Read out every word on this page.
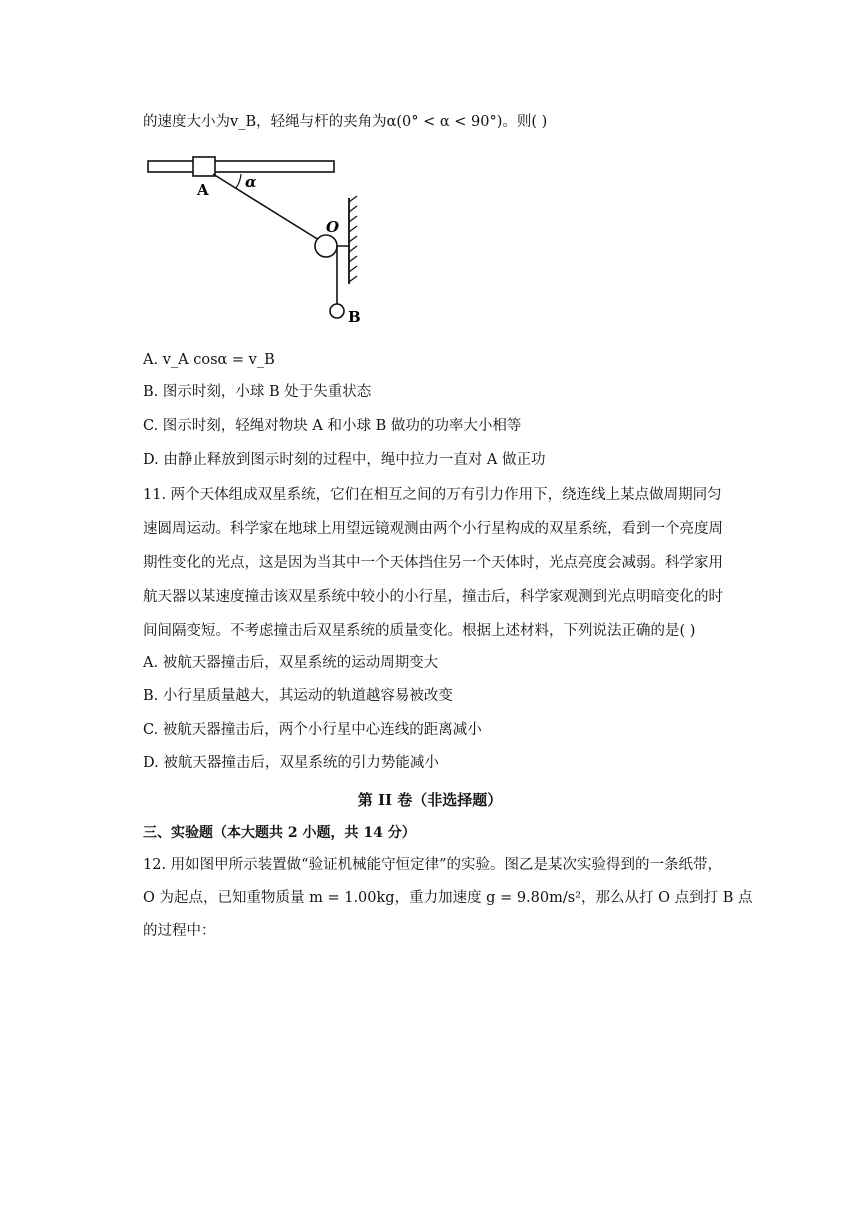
的速度大小为v_B，轻绳与杆的夹角为α(0° < α < 90°)。则( )
A α
O
B
A. v_A cosα = v_B
B. 图示时刻，小球 B 处于失重状态
C. 图示时刻，轻绳对物块 A 和小球 B 做功的功率大小相等
D. 由静止释放到图示时刻的过程中，绳中拉力一直对 A 做正功
11. 两个天体组成双星系统，它们在相互之间的万有引力作用下，绕连线上某点做周期同匀
速圆周运动。科学家在地球上用望远镜观测由两个小行星构成的双星系统，看到一个亮度周
期性变化的光点，这是因为当其中一个天体挡住另一个天体时，光点亮度会减弱。科学家用
航天器以某速度撞击该双星系统中较小的小行星，撞击后，科学家观测到光点明暗变化的时
间间隔变短。不考虑撞击后双星系统的质量变化。根据上述材料，下列说法正确的是( )
A. 被航天器撞击后，双星系统的运动周期变大
B. 小行星质量越大，其运动的轨道越容易被改变
C. 被航天器撞击后，两个小行星中心连线的距离减小
D. 被航天器撞击后，双星系统的引力势能减小
第 II 卷（非选择题）
三、实验题（本大题共 2 小题，共 14 分）
12. 用如图甲所示装置做“验证机械能守恒定律”的实验。图乙是某次实验得到的一条纸带，
O 为起点，已知重物质量 m = 1.00kg，重力加速度 g = 9.80m/s²，那么从打 O 点到打 B 点
的过程中：
